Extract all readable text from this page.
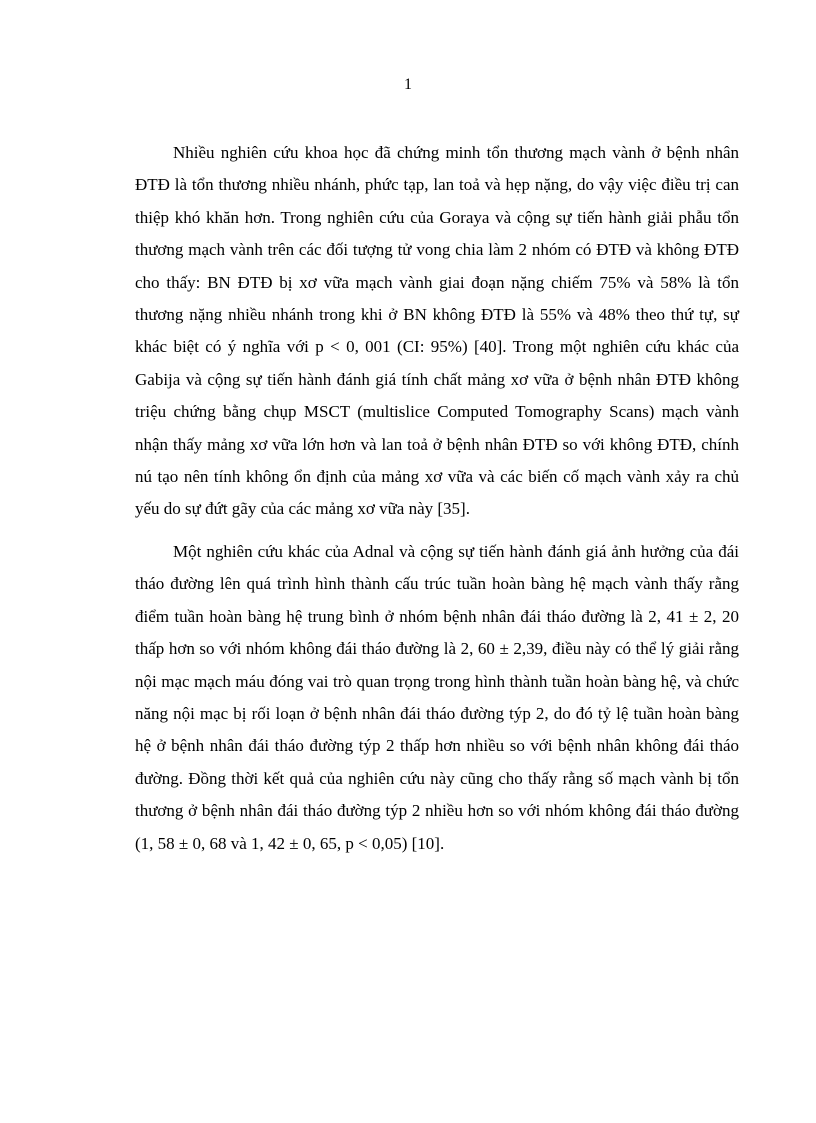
1

Nhiều nghiên cứu khoa học đã chứng minh tổn thương mạch vành ở bệnh nhân ĐTĐ là tổn thương nhiều nhánh, phức tạp, lan toả và hẹp nặng, do vậy việc điều trị can thiệp khó khăn hơn. Trong nghiên cứu của Goraya và cộng sự tiến hành giải phẫu tổn thương mạch vành trên các đối tượng tử vong chia làm 2 nhóm có ĐTĐ và không ĐTĐ cho thấy: BN ĐTĐ bị xơ vữa mạch vành giai đoạn nặng chiếm 75% và 58% là tổn thương nặng nhiều nhánh trong khi ở BN không ĐTĐ là 55% và 48% theo thứ tự, sự khác biệt có ý nghĩa với p < 0, 001 (CI: 95%) [40]. Trong một nghiên cứu khác của Gabija và cộng sự tiến hành đánh giá tính chất mảng xơ vữa ở bệnh nhân ĐTĐ không triệu chứng bằng chụp MSCT (multislice Computed Tomography Scans) mạch vành nhận thấy mảng xơ vữa lớn hơn và lan toả ở bệnh nhân ĐTĐ so với không ĐTĐ, chính nú tạo nên tính không ổn định của mảng xơ vữa và các biến cố mạch vành xảy ra chủ yếu do sự đứt gãy của các mảng xơ vữa này [35].

Một nghiên cứu khác của Adnal và cộng sự tiến hành đánh giá ảnh hưởng của đái tháo đường lên quá trình hình thành cấu trúc tuần hoàn bàng hệ mạch vành thấy rằng điểm tuần hoàn bàng hệ trung bình ở nhóm bệnh nhân đái tháo đường là 2, 41 ± 2, 20 thấp hơn so với nhóm không đái tháo đường là 2, 60 ± 2,39, điều này có thể lý giải rằng nội mạc mạch máu đóng vai trò quan trọng trong hình thành tuần hoàn bàng hệ, và chức năng nội mạc bị rối loạn ở bệnh nhân đái tháo đường týp 2, do đó tỷ lệ tuần hoàn bàng hệ ở bệnh nhân đái tháo đường týp 2 thấp hơn nhiều so với bệnh nhân không đái tháo đường. Đồng thời kết quả của nghiên cứu này cũng cho thấy rằng số mạch vành bị tổn thương ở bệnh nhân đái tháo đường týp 2 nhiều hơn so với nhóm không đái tháo đường (1, 58 ± 0, 68 và 1, 42 ± 0, 65, p < 0,05) [10].
